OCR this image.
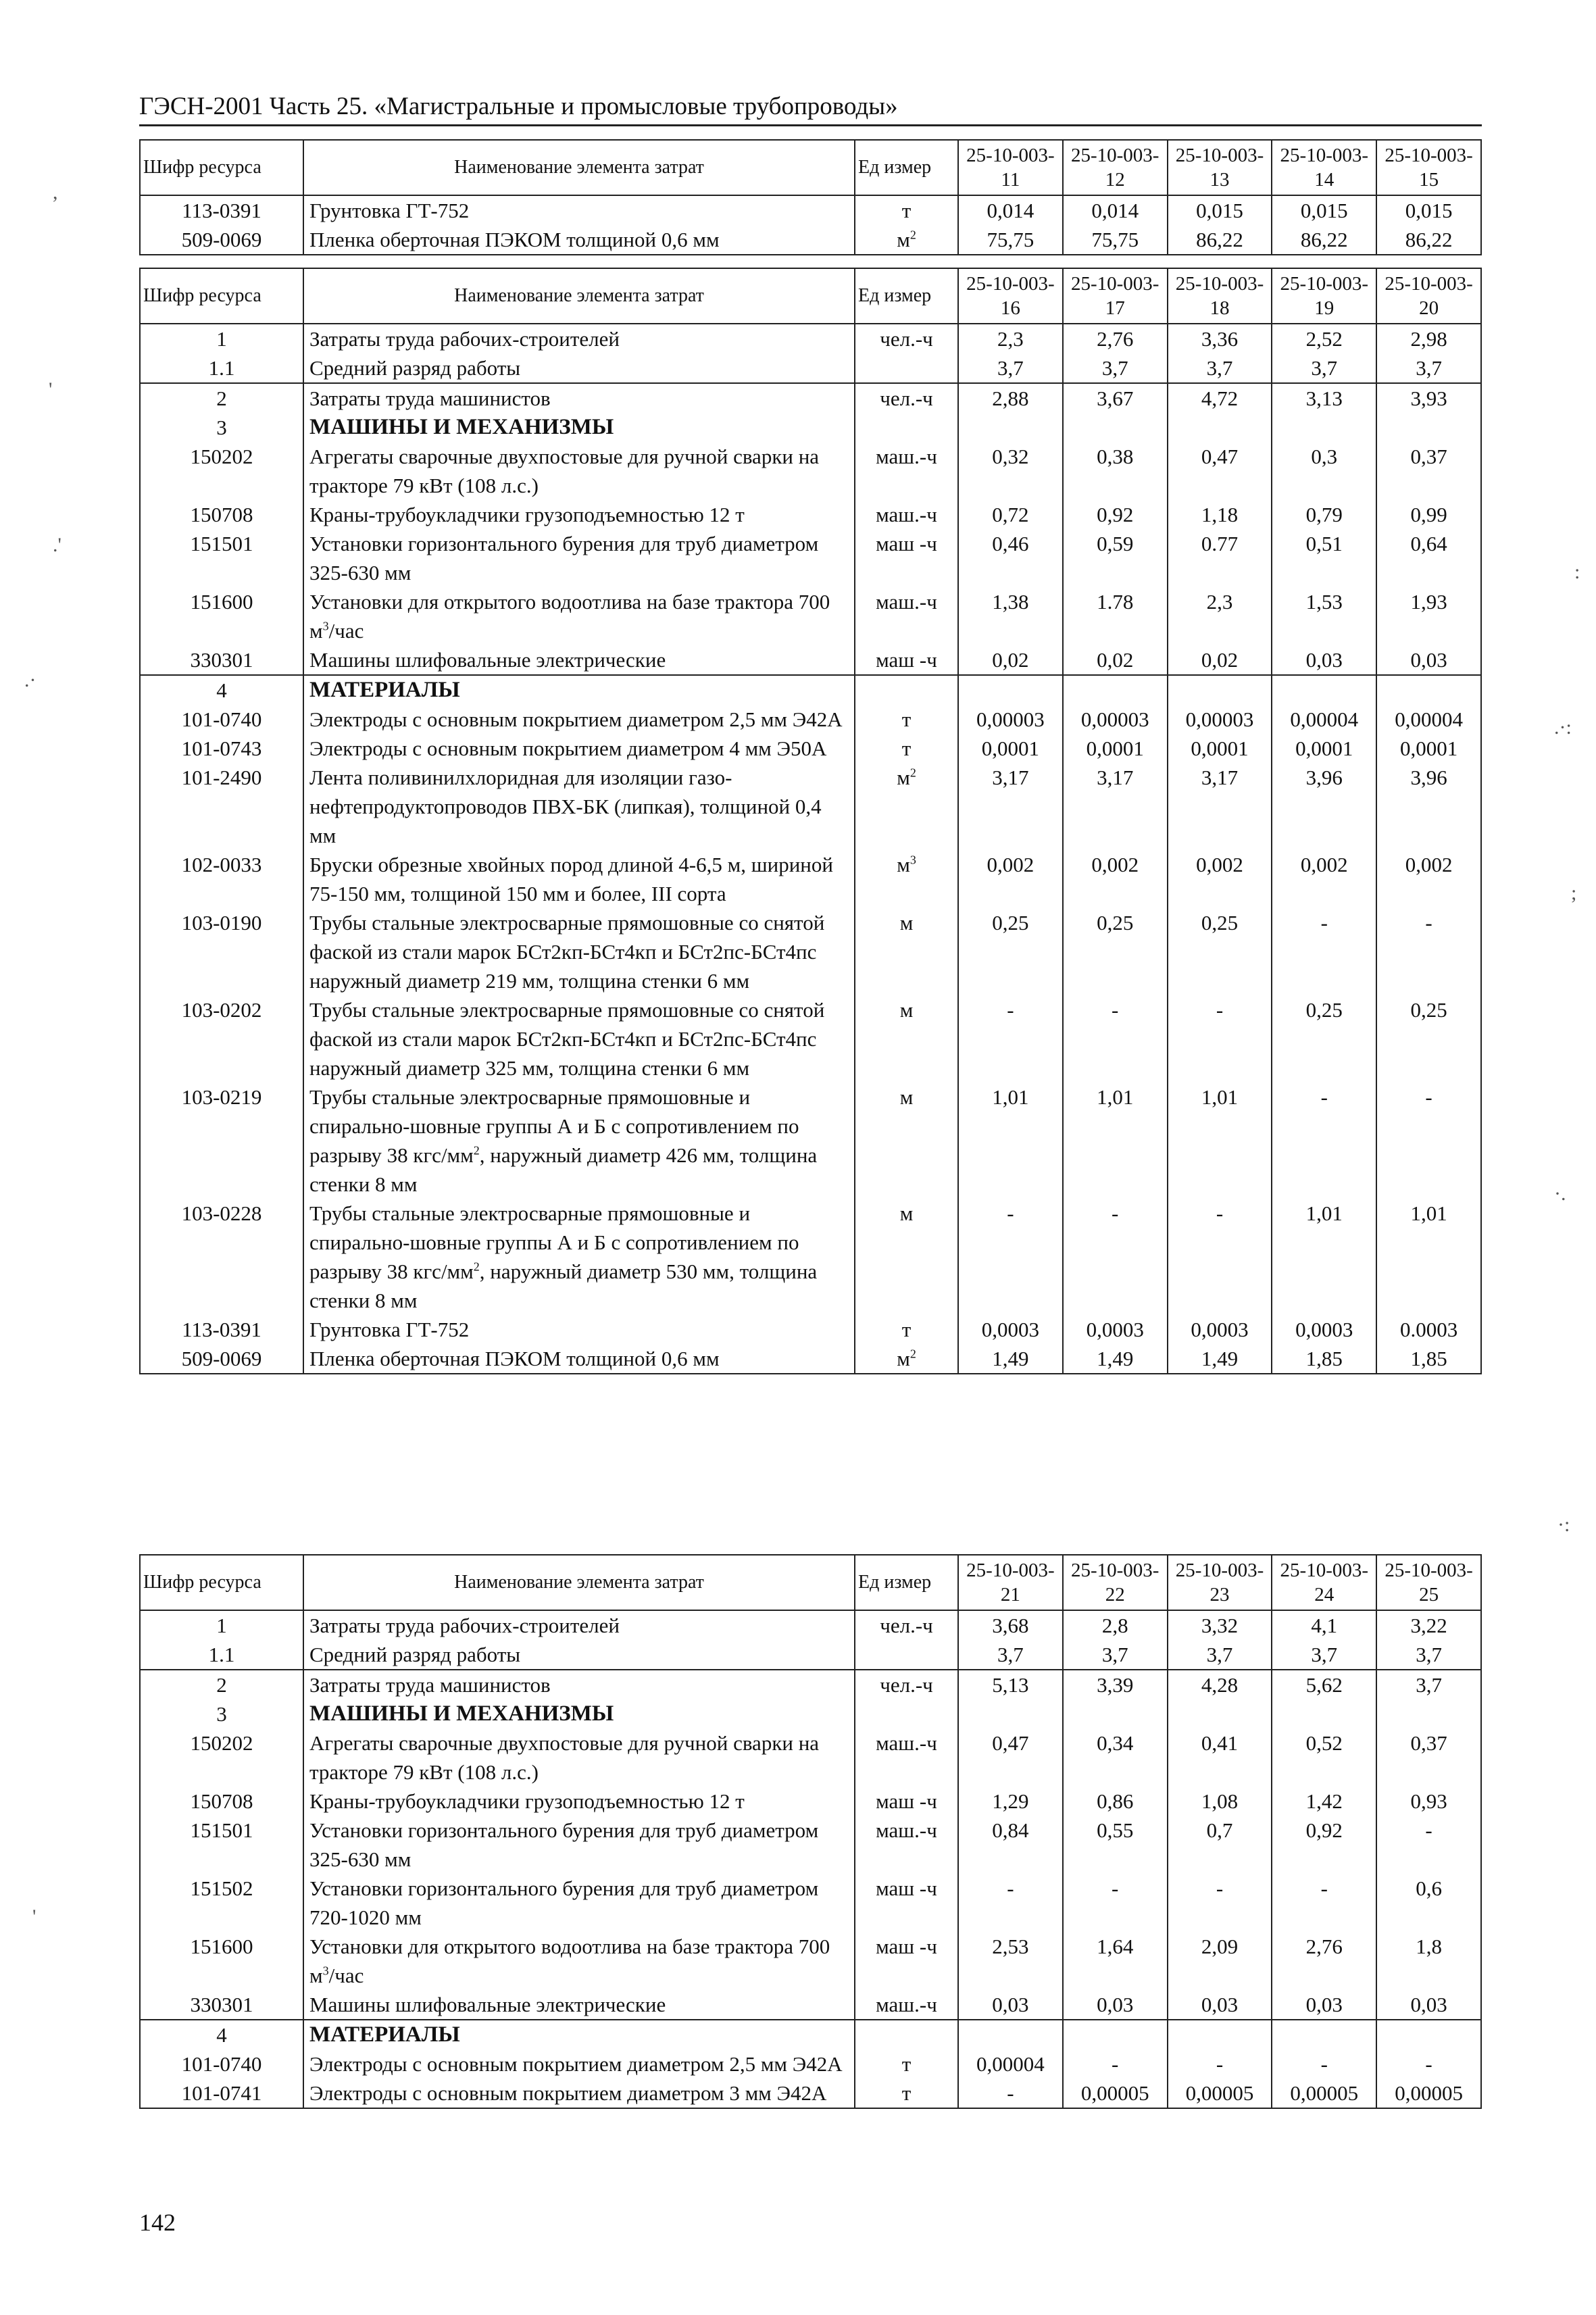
ГЭСН-2001 Часть 25. «Магистральные и промысловые трубопроводы»
Шифр ресурса	Наименование элемента затрат	Ед измер	25-10-003-11	25-10-003-12	25-10-003-13	25-10-003-14	25-10-003-15
113-0391	Грунтовка ГТ-752	т	0,014	0,014	0,015	0,015	0,015
509-0069	Пленка оберточная ПЭКОМ толщиной 0,6 мм	$м^2$	75,75	75,75	86,22	86,22	86,22
Шифр ресурса	Наименование элемента затрат	Ед измер	25-10-003-16	25-10-003-17	25-10-003-18	25-10-003-19	25-10-003-20
1	Затраты труда рабочих-строителей	чел.-ч	2,3	2,76	3,36	2,52	2,98
1.1	Средний разряд работы		3,7	3,7	3,7	3,7	3,7
2	Затраты труда машинистов	чел.-ч	2,88	3,67	4,72	3,13	3,93
3	МАШИНЫ И МЕХАНИЗМЫ						
150202	Агрегаты сварочные двухпостовые для ручной сварки на тракторе 79 кВт (108 л.с.)	маш.-ч	0,32	0,38	0,47	0,3	0,37
150708	Краны-трубоукладчики грузоподъемностью 12 т	маш.-ч	0,72	0,92	1,18	0,79	0,99
151501	Установки горизонтального бурения для труб диаметром 325-630 мм	маш -ч	0,46	0,59	0.77	0,51	0,64
151600	Установки для открытого водоотлива на базе трактора 700 $м^3$/час	маш.-ч	1,38	1.78	2,3	1,53	1,93
330301	Машины шлифовальные электрические	маш -ч	0,02	0,02	0,02	0,03	0,03
4	МАТЕРИАЛЫ						
101-0740	Электроды с основным покрытием диаметром 2,5 мм Э42А	т	0,00003	0,00003	0,00003	0,00004	0,00004
101-0743	Электроды с основным покрытием диаметром 4 мм Э50А	т	0,0001	0,0001	0,0001	0,0001	0,0001
101-2490	Лента поливинилхлоридная для изоляции газо-нефтепродуктопроводов ПВХ-БК (липкая), толщиной 0,4 мм	$м^2$	3,17	3,17	3,17	3,96	3,96
102-0033	Бруски обрезные хвойных пород длиной 4-6,5 м, шириной 75-150 мм, толщиной 150 мм и более, III сорта	$м^3$	0,002	0,002	0,002	0,002	0,002
103-0190	Трубы стальные электросварные прямошовные со снятой фаской из стали марок БСт2кп-БСт4кп и БСт2пс-БСт4пс наружный диаметр 219 мм, толщина стенки 6 мм	м	0,25	0,25	0,25	-	-
103-0202	Трубы стальные электросварные прямошовные со снятой фаской из стали марок БСт2кп-БСт4кп и БСт2пс-БСт4пс наружный диаметр 325 мм, толщина стенки 6 мм	м	-	-	-	0,25	0,25
103-0219	Трубы стальные электросварные прямошовные и спирально-шовные группы А и Б с сопротивлением по разрыву 38 кгс/$мм^2$, наружный диаметр 426 мм, толщина стенки 8 мм	м	1,01	1,01	1,01	-	-
103-0228	Трубы стальные электросварные прямошовные и спирально-шовные группы А и Б с сопротивлением по разрыву 38 кгс/$мм^2$, наружный диаметр 530 мм, толщина стенки 8 мм	м	-	-	-	1,01	1,01
113-0391	Грунтовка ГТ-752	т	0,0003	0,0003	0,0003	0,0003	0.0003
509-0069	Пленка оберточная ПЭКОМ толщиной 0,6 мм	$м^2$	1,49	1,49	1,49	1,85	1,85
Шифр ресурса	Наименование элемента затрат	Ед измер	25-10-003-21	25-10-003-22	25-10-003-23	25-10-003-24	25-10-003-25
1	Затраты труда рабочих-строителей	чел.-ч	3,68	2,8	3,32	4,1	3,22
1.1	Средний разряд работы		3,7	3,7	3,7	3,7	3,7
2	Затраты труда машинистов	чел.-ч	5,13	3,39	4,28	5,62	3,7
3	МАШИНЫ И МЕХАНИЗМЫ						
150202	Агрегаты сварочные двухпостовые для ручной сварки на тракторе 79 кВт (108 л.с.)	маш.-ч	0,47	0,34	0,41	0,52	0,37
150708	Краны-трубоукладчики грузоподъемностью 12 т	маш -ч	1,29	0,86	1,08	1,42	0,93
151501	Установки горизонтального бурения для труб диаметром 325-630 мм	маш.-ч	0,84	0,55	0,7	0,92	-
151502	Установки горизонтального бурения для труб диаметром 720-1020 мм	маш -ч	-	-	-	-	0,6
151600	Установки для открытого водоотлива на базе трактора 700 $м^3$/час	маш -ч	2,53	1,64	2,09	2,76	1,8
330301	Машины шлифовальные электрические	маш.-ч	0,03	0,03	0,03	0,03	0,03
4	МАТЕРИАЛЫ						
101-0740	Электроды с основным покрытием диаметром 2,5 мм Э42А	т	0,00004	-	-	-	-
101-0741	Электроды с основным покрытием диаметром 3 мм Э42А	т	-	0,00005	0,00005	0,00005	0,00005
142
,
'
.'
.·
:
.·:
;
·.
·:
'
